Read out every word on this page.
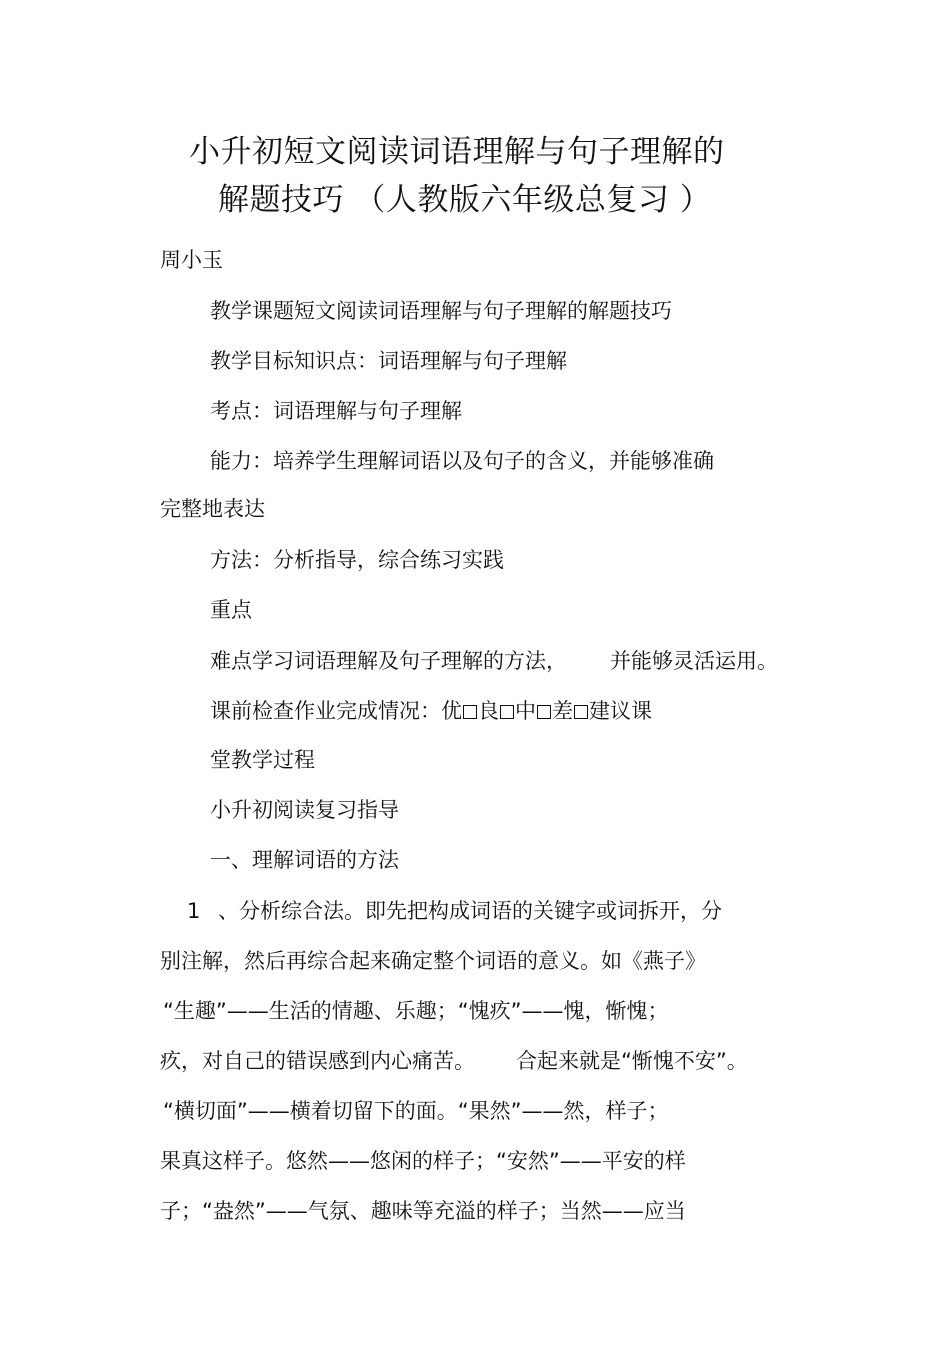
小升初短文阅读词语理解与句子理解的
解题技巧 （人教版六年级总复习 ）
周小玉
教学课题短文阅读词语理解与句子理解的解题技巧
教学目标知识点：词语理解与句子理解
考点：词语理解与句子理解
能力：培养学生理解词语以及句子的含义，并能够准确
完整地表达
方法：分析指导，综合练习实践
重点
难点学习词语理解及句子理解的方法， 并能够灵活运用。
课前检查作业完成情况：优 良 中 差 建议课
堂教学过程
小升初阅读复习指导
一、理解词语的方法
1 、分析综合法。即先把构成词语的关键字或词拆开，分
别注解，然后再综合起来确定整个词语的意义。如《燕子》
“生趣”——生活的情趣、乐趣；“愧疚”——愧，惭愧；
疚，对自己的错误感到内心痛苦。 合起来就是“惭愧不安”。
“横切面”——横着切留下的面。“果然”——然，样子；
果真这样子。悠然——悠闲的样子；“安然”——平安的样
子；“盎然”——气氛、趣味等充溢的样子；当然——应当
